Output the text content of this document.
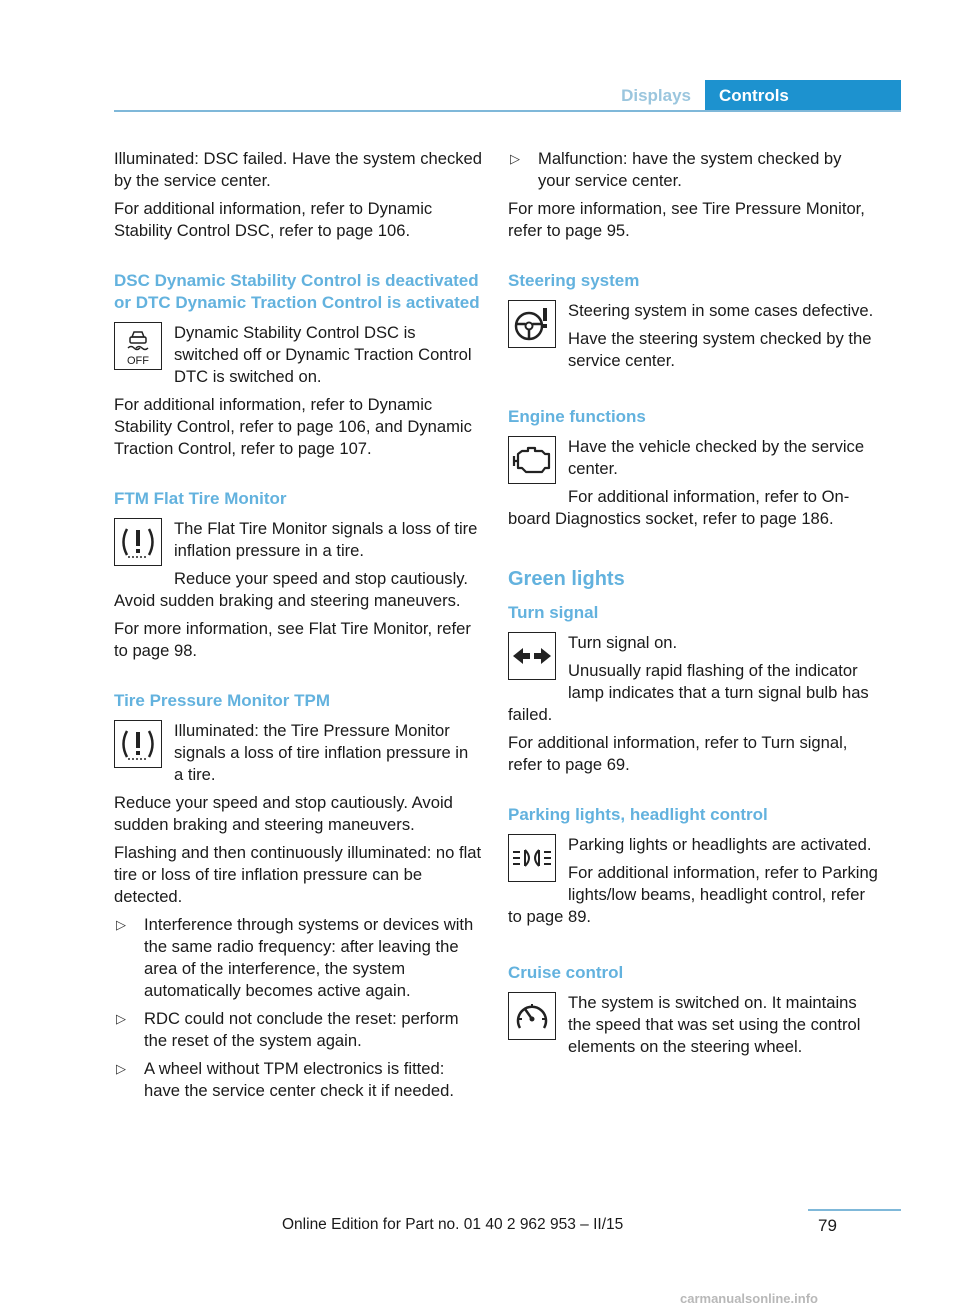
Displays	Controls

Illuminated: DSC failed. Have the system checked by the service center.

For additional information, refer to Dynamic Stability Control DSC, refer to page 106.

DSC Dynamic Stability Control is deactivated or DTC Dynamic Traction Control is activated
OFF

Dynamic Stability Control DSC is switched off or Dynamic Traction Control DTC is switched on.

For additional information, refer to Dynamic Stability Control, refer to page 106, and Dynamic Traction Control, refer to page 107.

FTM Flat Tire Monitor

The Flat Tire Monitor signals a loss of tire inflation pressure in a tire.

Reduce your speed and stop cautiously. Avoid sudden braking and steering maneuvers.

For more information, see Flat Tire Monitor, refer to page 98.

Tire Pressure Monitor TPM

Illuminated: the Tire Pressure Monitor signals a loss of tire inflation pressure in a tire.

Reduce your speed and stop cautiously. Avoid sudden braking and steering maneuvers.

Flashing and then continuously illuminated: no flat tire or loss of tire inflation pressure can be detected.

▷ Interference through systems or devices with the same radio frequency: after leaving the area of the interference, the system automatically becomes active again.
▷ RDC could not conclude the reset: perform the reset of the system again.
▷ A wheel without TPM electronics is fitted: have the service center check it if needed.
▷ Malfunction: have the system checked by your service center.

For more information, see Tire Pressure Monitor, refer to page 95.

Steering system

Steering system in some cases defective.

Have the steering system checked by the service center.

Engine functions

Have the vehicle checked by the service center.

For additional information, refer to On-board Diagnostics socket, refer to page 186.

Green lights
Turn signal

Turn signal on.

Unusually rapid flashing of the indicator lamp indicates that a turn signal bulb has failed.

For additional information, refer to Turn signal, refer to page 69.

Parking lights, headlight control

Parking lights or headlights are activated.

For additional information, refer to Parking lights/low beams, headlight control, refer to page 89.

Cruise control

The system is switched on. It maintains the speed that was set using the control elements on the steering wheel.

Online Edition for Part no. 01 40 2 962 953 – II/15	79
carmanualsonline.info
